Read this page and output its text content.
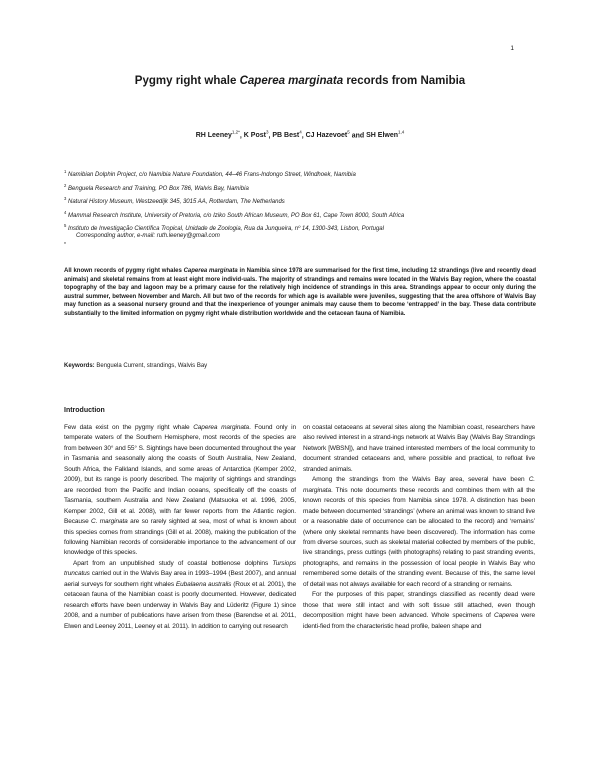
1
Pygmy right whale Caperea marginata records from Namibia
RH Leeney$^{1,2*}$, K Post$^3$, PB Best$^4$, CJ Hazevoet$^5$ and SH Elwen$^{1,4}$
$^1$ Namibian Dolphin Project, c/o Namibia Nature Foundation, 44–46 Frans-Indongo Street, Windhoek, Namibia
$^2$ Benguela Research and Training, PO Box 786, Walvis Bay, Namibia
$^3$ Natural History Museum, Westzeedijk 345, 3015 AA, Rotterdam, The Netherlands
$^4$ Mammal Research Institute, University of Pretoria, c/o Iziko South African Museum, PO Box 61, Cape Town 8000, South Africa
$^5$ Instituto de Investigação Científica Tropical, Unidade de Zoologia, Rua da Junqueira, nº 14, 1300-343, Lisbon, Portugal
Corresponding author, e-mail: ruth.leeney@gmail.com
*
All known records of pygmy right whales Caperea marginata in Namibia since 1978 are summarised for the first time, including 12 strandings (live and recently dead animals) and skeletal remains from at least eight more individ-uals. The majority of strandings and remains were located in the Walvis Bay region, where the coastal topography of the bay and lagoon may be a primary cause for the relatively high incidence of strandings in this area. Strandings appear to occur only during the austral summer, between November and March. All but two of the records for which age is available were juveniles, suggesting that the area offshore of Walvis Bay may function as a seasonal nursery ground and that the inexperience of younger animals may cause them to become ‘entrapped’ in the bay. These data contribute substantially to the limited information on pygmy right whale distribution worldwide and the cetacean fauna of Namibia.
Keywords: Benguela Current, strandings, Walvis Bay
Introduction

Few data exist on the pygmy right whale Caperea marginata. Found only in temperate waters of the Southern Hemisphere, most records of the species are from between 30° and 55° S. Sightings have been documented throughout the year in Tasmania and seasonally along the coasts of South Australia, New Zealand, South Africa, the Falkland Islands, and some areas of Antarctica (Kemper 2002, 2009), but its range is poorly described. The majority of sightings and strandings are recorded from the Pacific and Indian oceans, specifically off the coasts of Tasmania, southern Australia and New Zealand (Matsuoka et al. 1996, 2005, Kemper 2002, Gill et al. 2008), with far fewer reports from the Atlantic region. Because C. marginata are so rarely sighted at sea, most of what is known about this species comes from strandings (Gill et al. 2008), making the publication of the following Namibian records of considerable importance to the advancement of our knowledge of this species.

Apart from an unpublished study of coastal bottlenose dolphins Tursiops truncatus carried out in the Walvis Bay area in 1993–1994 (Best 2007), and annual aerial surveys for southern right whales Eubalaena australis (Roux et al. 2001), the cetacean fauna of the Namibian coast is poorly documented. However, dedicated research efforts have been underway in Walvis Bay and Lüderitz (Figure 1) since 2008, and a number of publications have arisen from these (Barendse et al. 2011, Elwen and Leeney 2011, Leeney et al. 2011). In addition to carrying out research

on coastal cetaceans at several sites along the Namibian coast, researchers have also revived interest in a strand-ings network at Walvis Bay (Walvis Bay Strandings Network [WBSN]), and have trained interested members of the local community to document stranded cetaceans and, where possible and practical, to refloat live stranded animals.

Among the strandings from the Walvis Bay area, several have been C. marginata. This note documents these records and combines them with all the known records of this species from Namibia since 1978. A distinction has been made between documented ‘strandings’ (where an animal was known to strand live or a reasonable date of occurrence can be allocated to the record) and ‘remains’ (where only skeletal remnants have been discovered). The information has come from diverse sources, such as skeletal material collected by members of the public, live strandings, press cuttings (with photographs) relating to past stranding events, photographs, and remains in the possession of local people in Walvis Bay who remembered some details of the stranding event. Because of this, the same level of detail was not always available for each record of a stranding or remains.

For the purposes of this paper, strandings classified as recently dead were those that were still intact and with soft tissue still attached, even though decomposition might have been advanced. Whole specimens of Caperea were identi-fied from the characteristic head profile, baleen shape and
